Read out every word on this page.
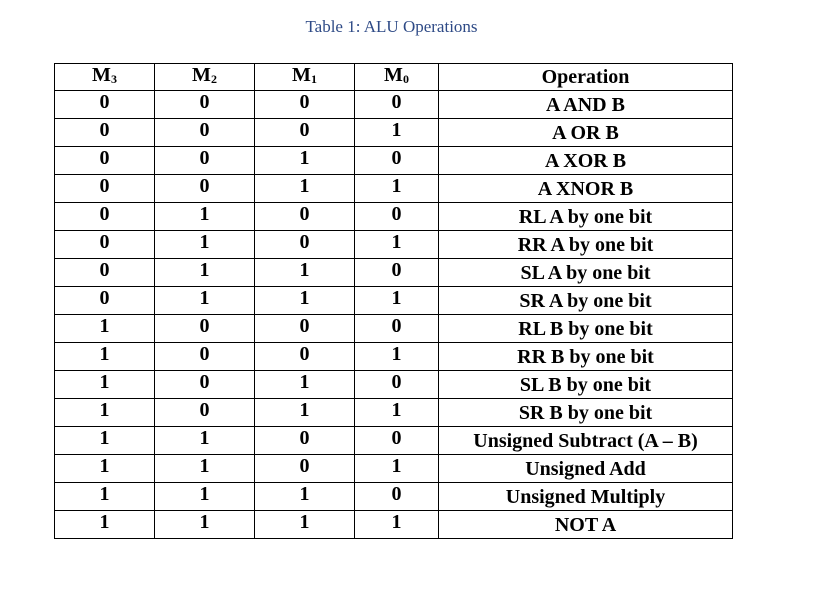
Table 1: ALU Operations
M3	M2	M1	M0	Operation
0	0	0	0	A AND B
0	0	0	1	A OR B
0	0	1	0	A XOR B
0	0	1	1	A XNOR B
0	1	0	0	RL A by one bit
0	1	0	1	RR A by one bit
0	1	1	0	SL A by one bit
0	1	1	1	SR A by one bit
1	0	0	0	RL B by one bit
1	0	0	1	RR B by one bit
1	0	1	0	SL B by one bit
1	0	1	1	SR B by one bit
1	1	0	0	Unsigned Subtract (A – B)
1	1	0	1	Unsigned Add
1	1	1	0	Unsigned Multiply
1	1	1	1	NOT A
